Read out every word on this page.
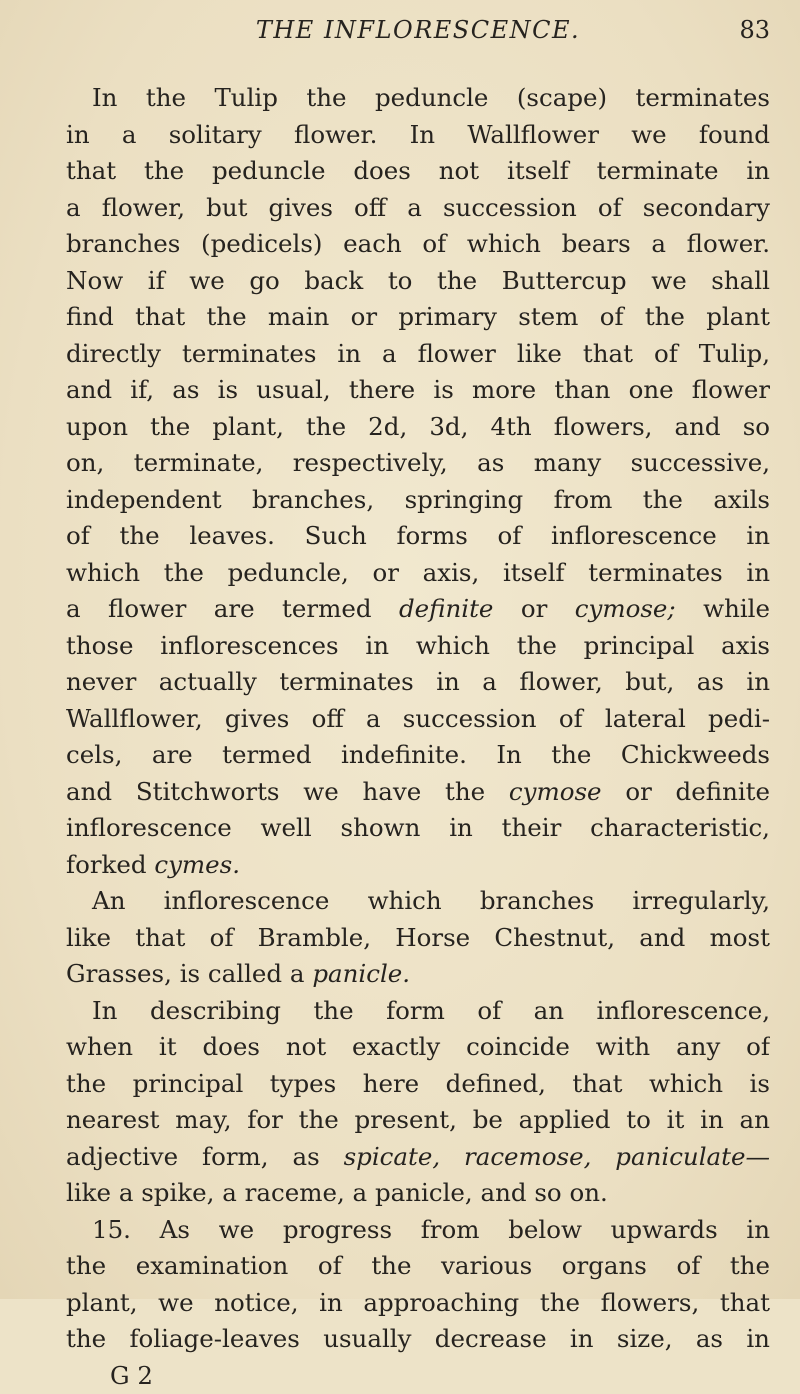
THE INFLORESCENCE.	83
In the Tulip the peduncle (scape) terminates
in a solitary flower. In Wallflower we found
that the peduncle does not itself terminate in
a flower, but gives off a succession of secondary
branches (pedicels) each of which bears a flower.
Now if we go back to the Buttercup we shall
find that the main or primary stem of the plant
directly terminates in a flower like that of Tulip,
and if, as is usual, there is more than one flower
upon the plant, the 2d, 3d, 4th flowers, and so
on, terminate, respectively, as many successive,
independent branches, springing from the axils
of the leaves. Such forms of inflorescence in
which the peduncle, or axis, itself terminates in
a flower are termed definite or cymose; while
those inflorescences in which the principal axis
never actually terminates in a flower, but, as in
Wallflower, gives off a succession of lateral pedi-
cels, are termed indefinite. In the Chickweeds
and Stitchworts we have the cymose or definite
inflorescence well shown in their characteristic,
forked cymes.
An inflorescence which branches irregularly,
like that of Bramble, Horse Chestnut, and most
Grasses, is called a panicle.
In describing the form of an inflorescence,
when it does not exactly coincide with any of
the principal types here defined, that which is
nearest may, for the present, be applied to it in an
adjective form, as spicate, racemose, paniculate—
like a spike, a raceme, a panicle, and so on.
15. As we progress from below upwards in
the examination of the various organs of the
plant, we notice, in approaching the flowers, that
the foliage-leaves usually decrease in size, as in
G 2
